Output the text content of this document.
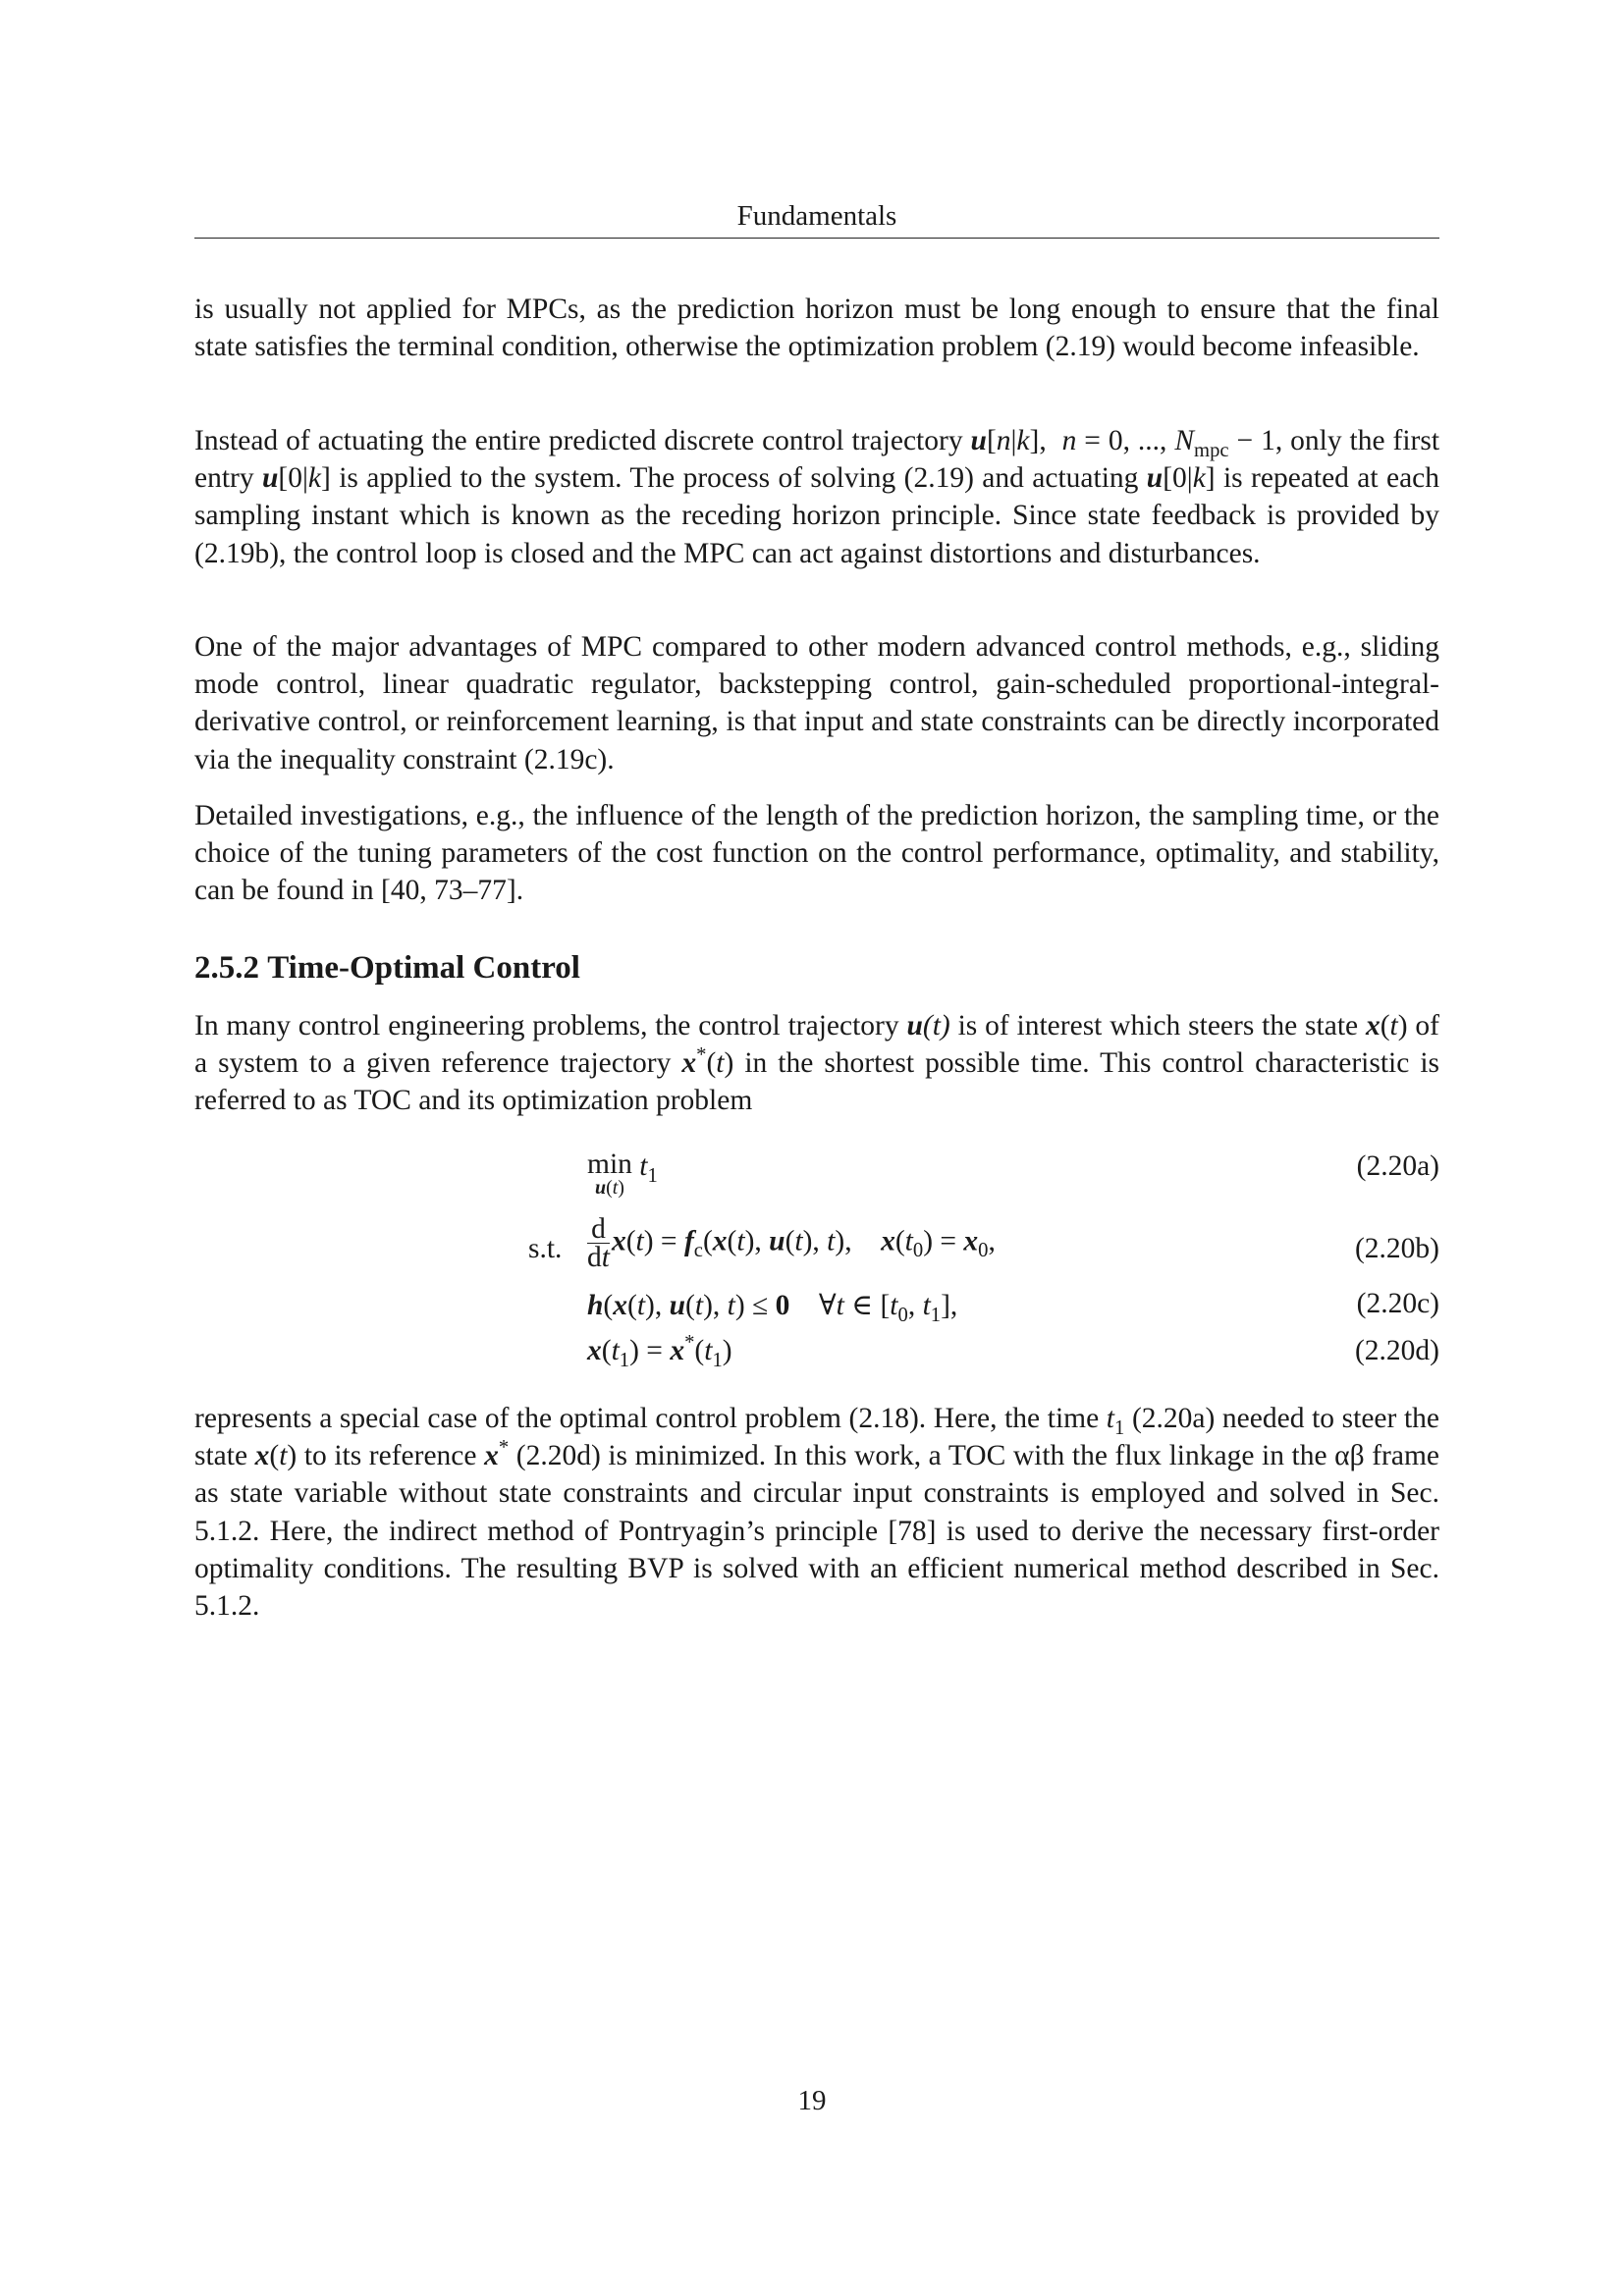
Fundamentals

is usually not applied for MPCs, as the prediction horizon must be long enough to ensure that the final state satisfies the terminal condition, otherwise the optimization problem (2.19) would become infeasible.

Instead of actuating the entire predicted discrete control trajectory u[n|k],  n = 0, ..., $N_{mpc} - 1$, only the first entry u[0|k] is applied to the system. The process of solving (2.19) and actuating u[0|k] is repeated at each sampling instant which is known as the receding horizon principle. Since state feedback is provided by (2.19b), the control loop is closed and the MPC can act against distortions and disturbances.

One of the major advantages of MPC compared to other modern advanced control methods, e.g., sliding mode control, linear quadratic regulator, backstepping control, gain-scheduled proportional-integral-derivative control, or reinforcement learning, is that input and state constraints can be directly incorporated via the inequality constraint (2.19c).

Detailed investigations, e.g., the influence of the length of the prediction horizon, the sampling time, or the choice of the tuning parameters of the cost function on the control performance, optimality, and stability, can be found in [40, 73–77].

2.5.2 Time-Optimal Control

In many control engineering problems, the control trajectory u(t) is of interest which steers the state x(t) of a system to a given reference trajectory x*(t) in the shortest possible time. This control characteristic is referred to as TOC and its optimization problem

min
u(t)
$t_1$	(2.20a)
s.t. $\frac{d}{dt} x(t) = f_c(x(t)$, u(t), t),    $x(t_0) = x_0$,	(2.20b)
h(x(t), u(t), t) ≤ 0    ∀t ∈ [$t_0$, $t_1$],	(2.20c)
$x(t_1) = x^*(t_1)$	(2.20d)

represents a special case of the optimal control problem (2.18). Here, the time $t_1$ (2.20a) needed to steer the state x(t) to its reference x* (2.20d) is minimized. In this work, a TOC with the flux linkage in the αβ frame as state variable without state constraints and circular input constraints is employed and solved in Sec. 5.1.2. Here, the indirect method of Pontryagin’s principle [78] is used to derive the necessary first-order optimality conditions. The resulting BVP is solved with an efficient numerical method described in Sec. 5.1.2.

19
